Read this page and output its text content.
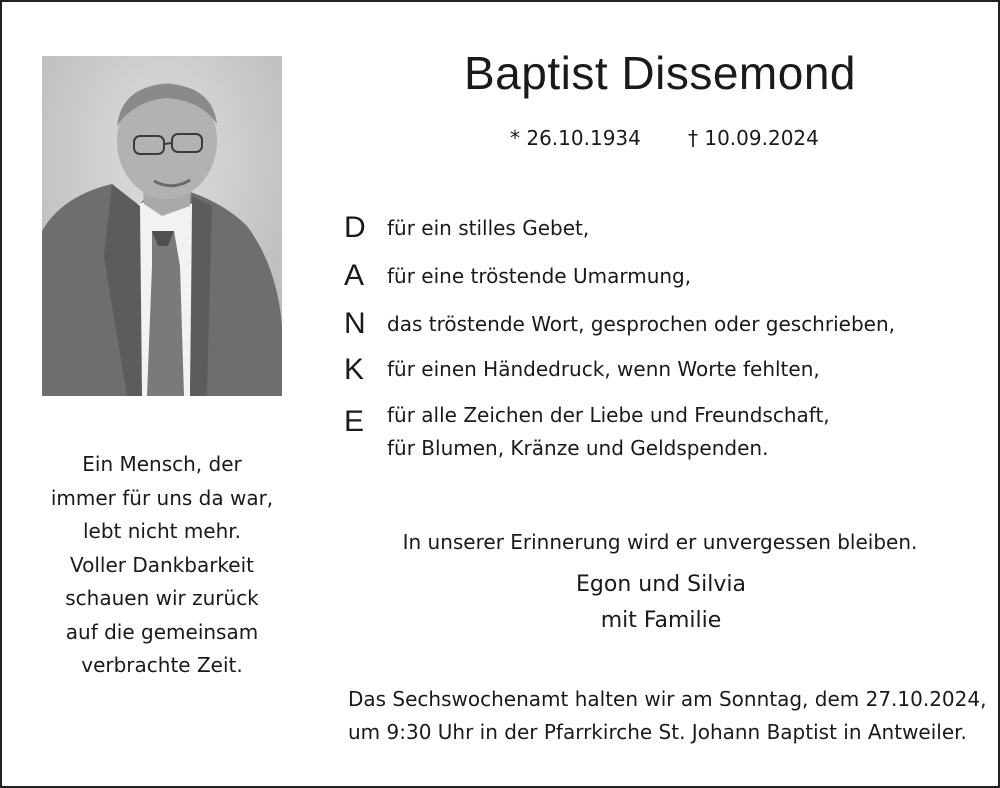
Ein Mensch, der
immer für uns da war,
lebt nicht mehr.
Voller Dankbarkeit
schauen wir zurück
auf die gemeinsam
verbrachte Zeit.
Baptist Dissemond
* 26.10.1934 † 10.09.2024
D für ein stilles Gebet,
A für eine tröstende Umarmung,
N das tröstende Wort, gesprochen oder geschrieben,
K für einen Händedruck, wenn Worte fehlten,
E für alle Zeichen der Liebe und Freundschaft,
für Blumen, Kränze und Geldspenden.
In unserer Erinnerung wird er unvergessen bleiben.
Egon und Silvia
mit Familie
Das Sechswochenamt halten wir am Sonntag, dem 27.10.2024,
um 9:30 Uhr in der Pfarrkirche St. Johann Baptist in Antweiler.
